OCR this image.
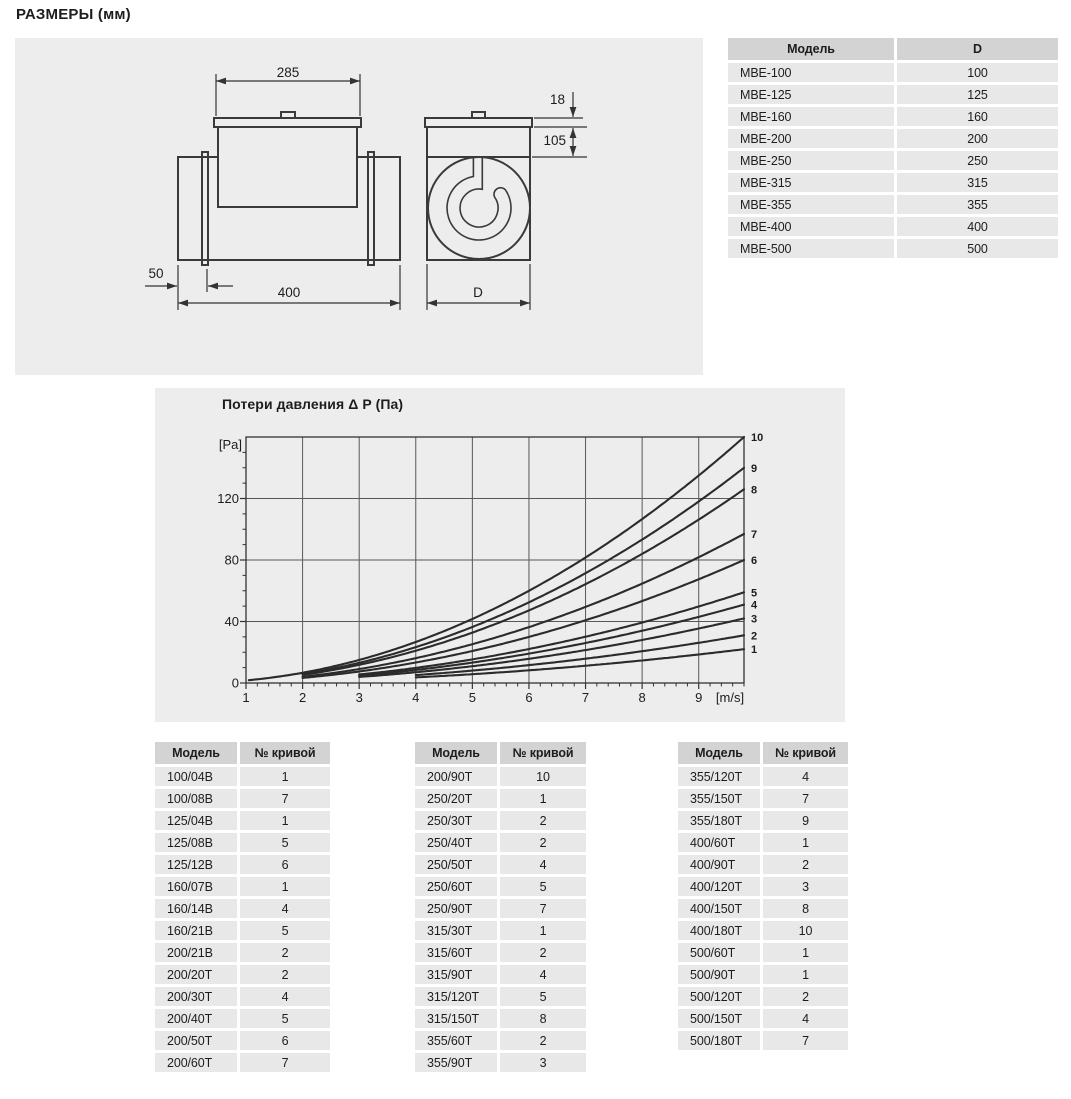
РАЗМЕРЫ (мм)
285
18
105
50
400	D
Модель	D
МВЕ-100	100
МВЕ-125	125
МВЕ-160	160
МВЕ-200	200
МВЕ-250	250
МВЕ-315	315
МВЕ-355	355
МВЕ-400	400
МВЕ-500	500
1	2	3	4	5	6	7	8	9 [m/s]
0
40
80
120
[Pa]
1
2
3
4
5
6
7
8
9
10
Потери давления Δ P (Па)
Модель	№ кривой
100/04В	1
100/08В	7
125/04В	1
125/08В	5
125/12В	6
160/07В	1
160/14В	4
160/21В	5
200/21В	2
200/20Т	2
200/30Т	4
200/40Т	5
200/50Т	6
200/60Т	7
Модель	№ кривой
200/90Т	10
250/20Т	1
250/30Т	2
250/40Т	2
250/50Т	4
250/60Т	5
250/90Т	7
315/30Т	1
315/60Т	2
315/90Т	4
315/120Т	5
315/150Т	8
355/60Т	2
355/90Т	3
Модель	№ кривой
355/120Т	4
355/150Т	7
355/180Т	9
400/60Т	1
400/90Т	2
400/120Т	3
400/150Т	8
400/180Т	10
500/60Т	1
500/90Т	1
500/120Т	2
500/150Т	4
500/180Т	7
